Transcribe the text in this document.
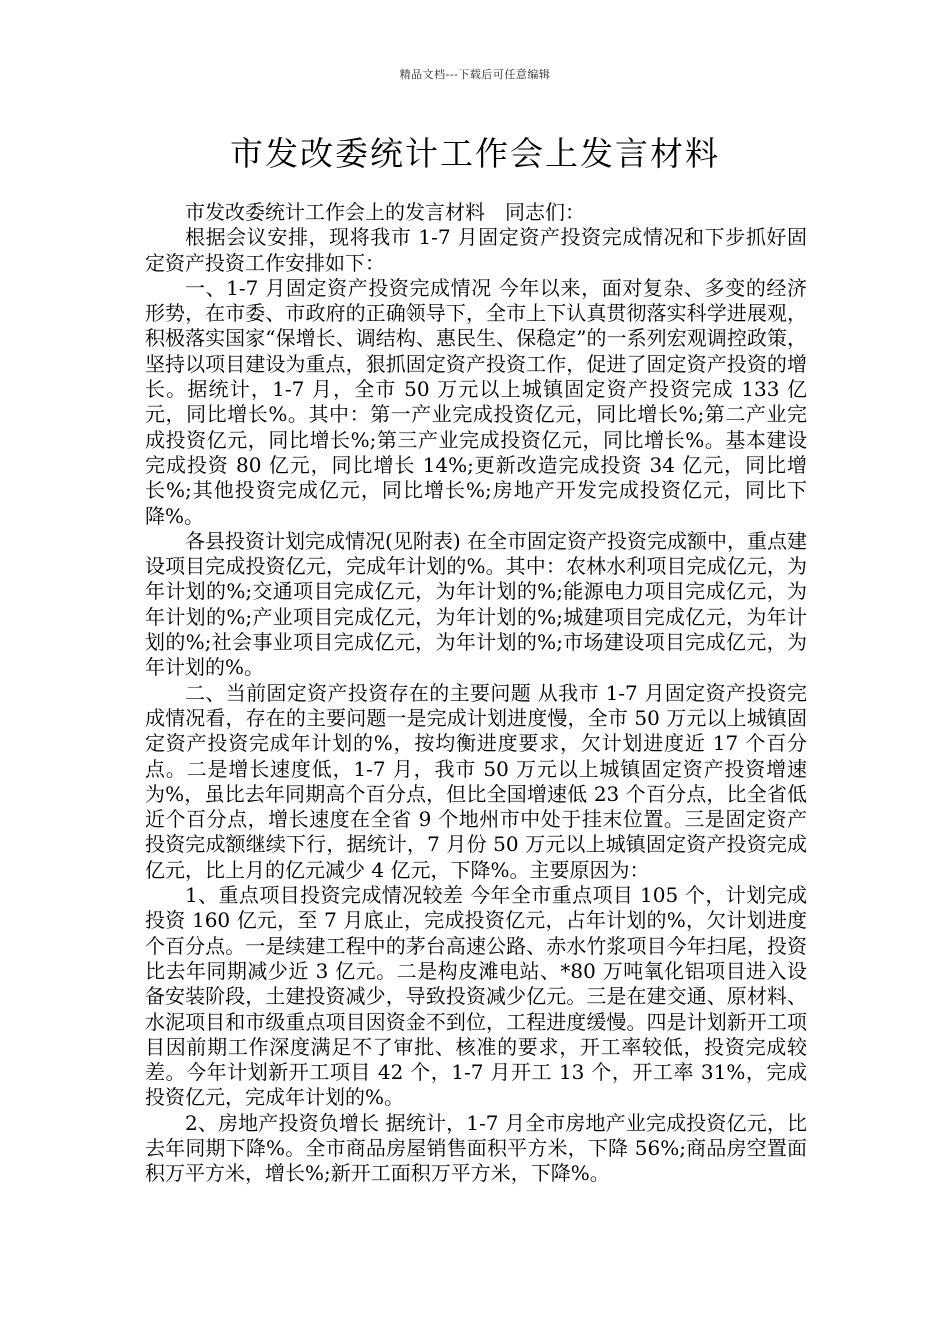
精品文档---下载后可任意编辑
市发改委统计工作会上发言材料

市发改委统计工作会上的发言材料　同志们：

根据会议安排，现将我市 1-7 月固定资产投资完成情况和下步抓好固定资产投资工作安排如下：

一、1-7 月固定资产投资完成情况 今年以来，面对复杂、多变的经济形势，在市委、市政府的正确领导下，全市上下认真贯彻落实科学进展观，积极落实国家“保增长、调结构、惠民生、保稳定”的一系列宏观调控政策，坚持以项目建设为重点，狠抓固定资产投资工作，促进了固定资产投资的增长。据统计，1-7 月，全市 50 万元以上城镇固定资产投资完成 133 亿元，同比增长%。其中：第一产业完成投资亿元，同比增长%;第二产业完成投资亿元，同比增长%;第三产业完成投资亿元，同比增长%。基本建设完成投资 80 亿元，同比增长 14%;更新改造完成投资 34 亿元，同比增长%;其他投资完成亿元，同比增长%;房地产开发完成投资亿元，同比下降%。

各县投资计划完成情况(见附表) 在全市固定资产投资完成额中，重点建设项目完成投资亿元，完成年计划的%。其中：农林水利项目完成亿元，为年计划的%;交通项目完成亿元，为年计划的%;能源电力项目完成亿元，为年计划的%;产业项目完成亿元，为年计划的%;城建项目完成亿元，为年计划的%;社会事业项目完成亿元，为年计划的%;市场建设项目完成亿元，为年计划的%。

二、当前固定资产投资存在的主要问题 从我市 1-7 月固定资产投资完成情况看，存在的主要问题一是完成计划进度慢，全市 50 万元以上城镇固定资产投资完成年计划的%，按均衡进度要求，欠计划进度近 17 个百分点。二是增长速度低，1-7 月，我市 50 万元以上城镇固定资产投资增速为%，虽比去年同期高个百分点，但比全国增速低 23 个百分点，比全省低近个百分点，增长速度在全省 9 个地州市中处于挂末位置。三是固定资产投资完成额继续下行，据统计，7 月份 50 万元以上城镇固定资产投资完成亿元，比上月的亿元减少 4 亿元，下降%。主要原因为：

1、重点项目投资完成情况较差 今年全市重点项目 105 个，计划完成投资 160 亿元，至 7 月底止，完成投资亿元，占年计划的%，欠计划进度个百分点。一是续建工程中的茅台高速公路、赤水竹浆项目今年扫尾，投资比去年同期减少近 3 亿元。二是构皮滩电站、*80 万吨氧化铝项目进入设备安装阶段，土建投资减少，导致投资减少亿元。三是在建交通、原材料、水泥项目和市级重点项目因资金不到位，工程进度缓慢。四是计划新开工项目因前期工作深度满足不了审批、核准的要求，开工率较低，投资完成较差。今年计划新开工项目 42 个，1-7 月开工 13 个，开工率 31%，完成投资亿元，完成年计划的%。

2、房地产投资负增长 据统计，1-7 月全市房地产业完成投资亿元，比去年同期下降%。全市商品房屋销售面积平方米，下降 56%;商品房空置面积万平方米，增长%;新开工面积万平方米，下降%。
